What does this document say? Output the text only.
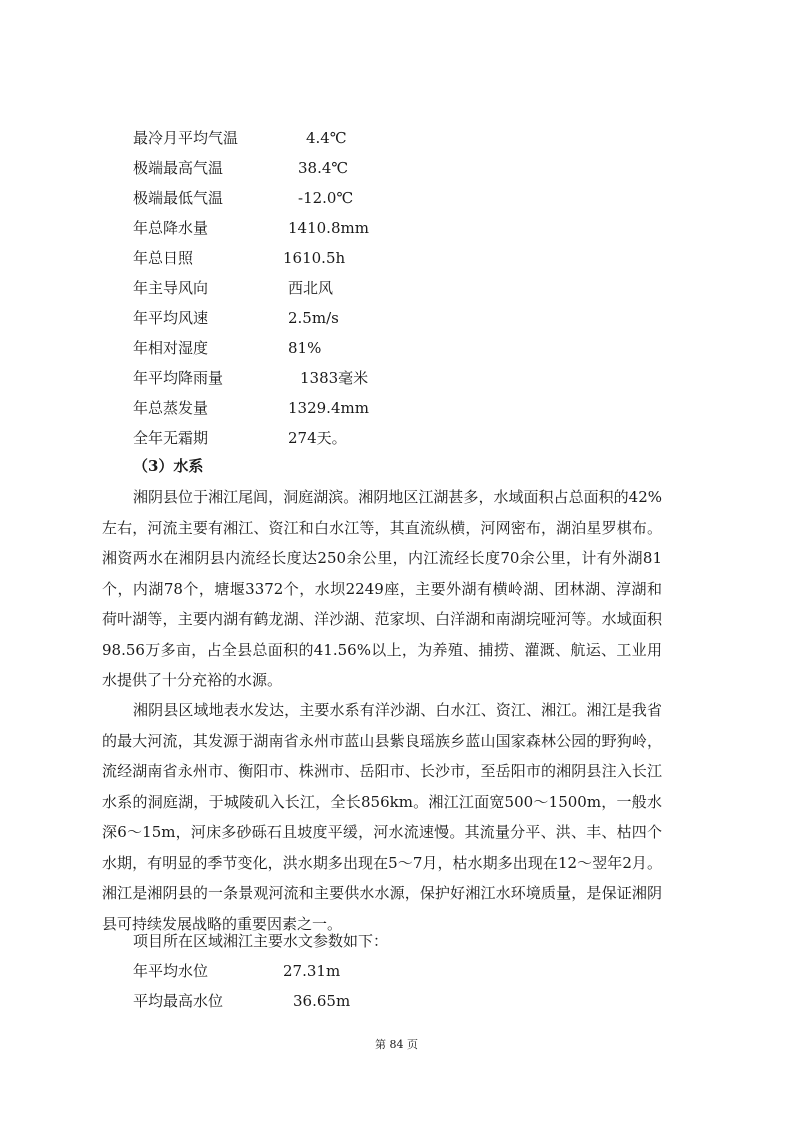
最冷月平均气温	4.4℃
极端最高气温	38.4℃
极端最低气温	-12.0℃
年总降水量	1410.8mm
年总日照	1610.5h
年主导风向	西北风
年平均风速	2.5m/s
年相对湿度	81%
年平均降雨量	1383毫米
年总蒸发量	1329.4mm
全年无霜期	274天。
（3）水系

湘阴县位于湘江尾闾，洞庭湖滨。湘阴地区江湖甚多，水域面积占总面积的42%左右，河流主要有湘江、资江和白水江等，其直流纵横，河网密布，湖泊星罗棋布。湘资两水在湘阴县内流经长度达250余公里，内江流经长度70余公里，计有外湖81个，内湖78个，塘堰3372个，水坝2249座，主要外湖有横岭湖、团林湖、淳湖和荷叶湖等，主要内湖有鹤龙湖、洋沙湖、范家坝、白洋湖和南湖垸哑河等。水域面积98.56万多亩，占全县总面积的41.56%以上，为养殖、捕捞、灌溉、航运、工业用水提供了十分充裕的水源。

湘阴县区域地表水发达，主要水系有洋沙湖、白水江、资江、湘江。湘江是我省的最大河流，其发源于湖南省永州市蓝山县紫良瑶族乡蓝山国家森林公园的野狗岭，流经湖南省永州市、衡阳市、株洲市、岳阳市、长沙市，至岳阳市的湘阴县注入长江水系的洞庭湖，于城陵矶入长江，全长856km。湘江江面宽500～1500m，一般水深6～15m，河床多砂砾石且坡度平缓，河水流速慢。其流量分平、洪、丰、枯四个水期，有明显的季节变化，洪水期多出现在5～7月，枯水期多出现在12～翌年2月。湘江是湘阴县的一条景观河流和主要供水水源，保护好湘江水环境质量，是保证湘阴县可持续发展战略的重要因素之一。

项目所在区域湘江主要水文参数如下：

年平均水位	27.31m
平均最高水位	36.65m
第 84 页
